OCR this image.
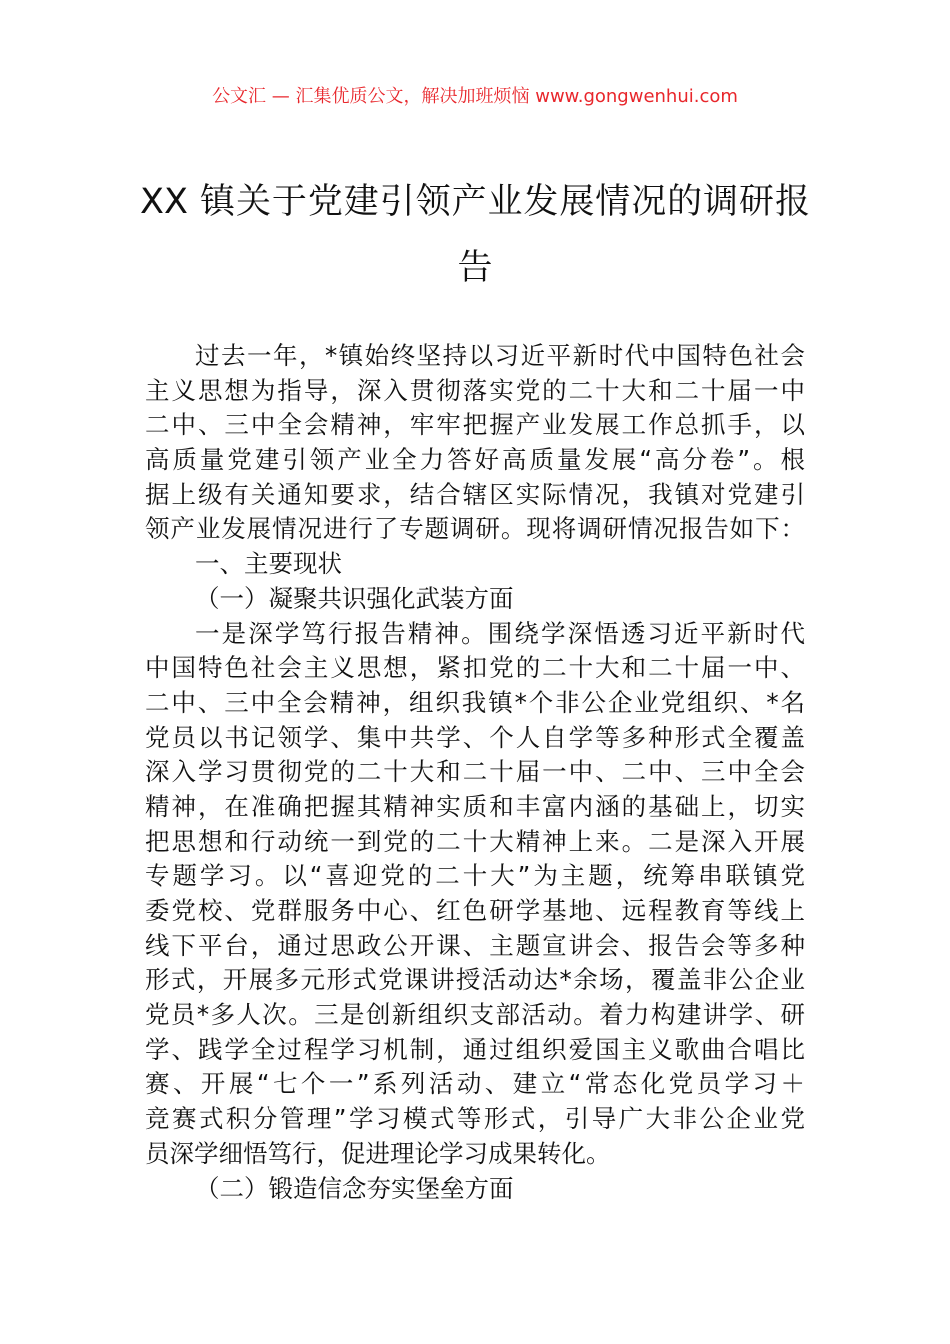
公文汇 — 汇集优质公文，解决加班烦恼 www.gongwenhui.com
XX 镇关于党建引领产业发展情况的调研报
告
过去一年，*镇始终坚持以习近平新时代中国特色社会
主义思想为指导，深入贯彻落实党的二十大和二十届一中
二中、三中全会精神，牢牢把握产业发展工作总抓手，以
高质量党建引领产业全力答好高质量发展“高分卷”。根
据上级有关通知要求，结合辖区实际情况，我镇对党建引
领产业发展情况进行了专题调研。现将调研情况报告如下：
一、主要现状
（一）凝聚共识强化武装方面
一是深学笃行报告精神。围绕学深悟透习近平新时代
中国特色社会主义思想，紧扣党的二十大和二十届一中、
二中、三中全会精神，组织我镇*个非公企业党组织、*名
党员以书记领学、集中共学、个人自学等多种形式全覆盖
深入学习贯彻党的二十大和二十届一中、二中、三中全会
精神，在准确把握其精神实质和丰富内涵的基础上，切实
把思想和行动统一到党的二十大精神上来。二是深入开展
专题学习。以“喜迎党的二十大”为主题，统筹串联镇党
委党校、党群服务中心、红色研学基地、远程教育等线上
线下平台，通过思政公开课、主题宣讲会、报告会等多种
形式，开展多元形式党课讲授活动达*余场，覆盖非公企业
党员*多人次。三是创新组织支部活动。着力构建讲学、研
学、践学全过程学习机制，通过组织爱国主义歌曲合唱比
赛、开展“七个一”系列活动、建立“常态化党员学习＋
竞赛式积分管理”学习模式等形式，引导广大非公企业党
员深学细悟笃行，促进理论学习成果转化。
（二）锻造信念夯实堡垒方面
